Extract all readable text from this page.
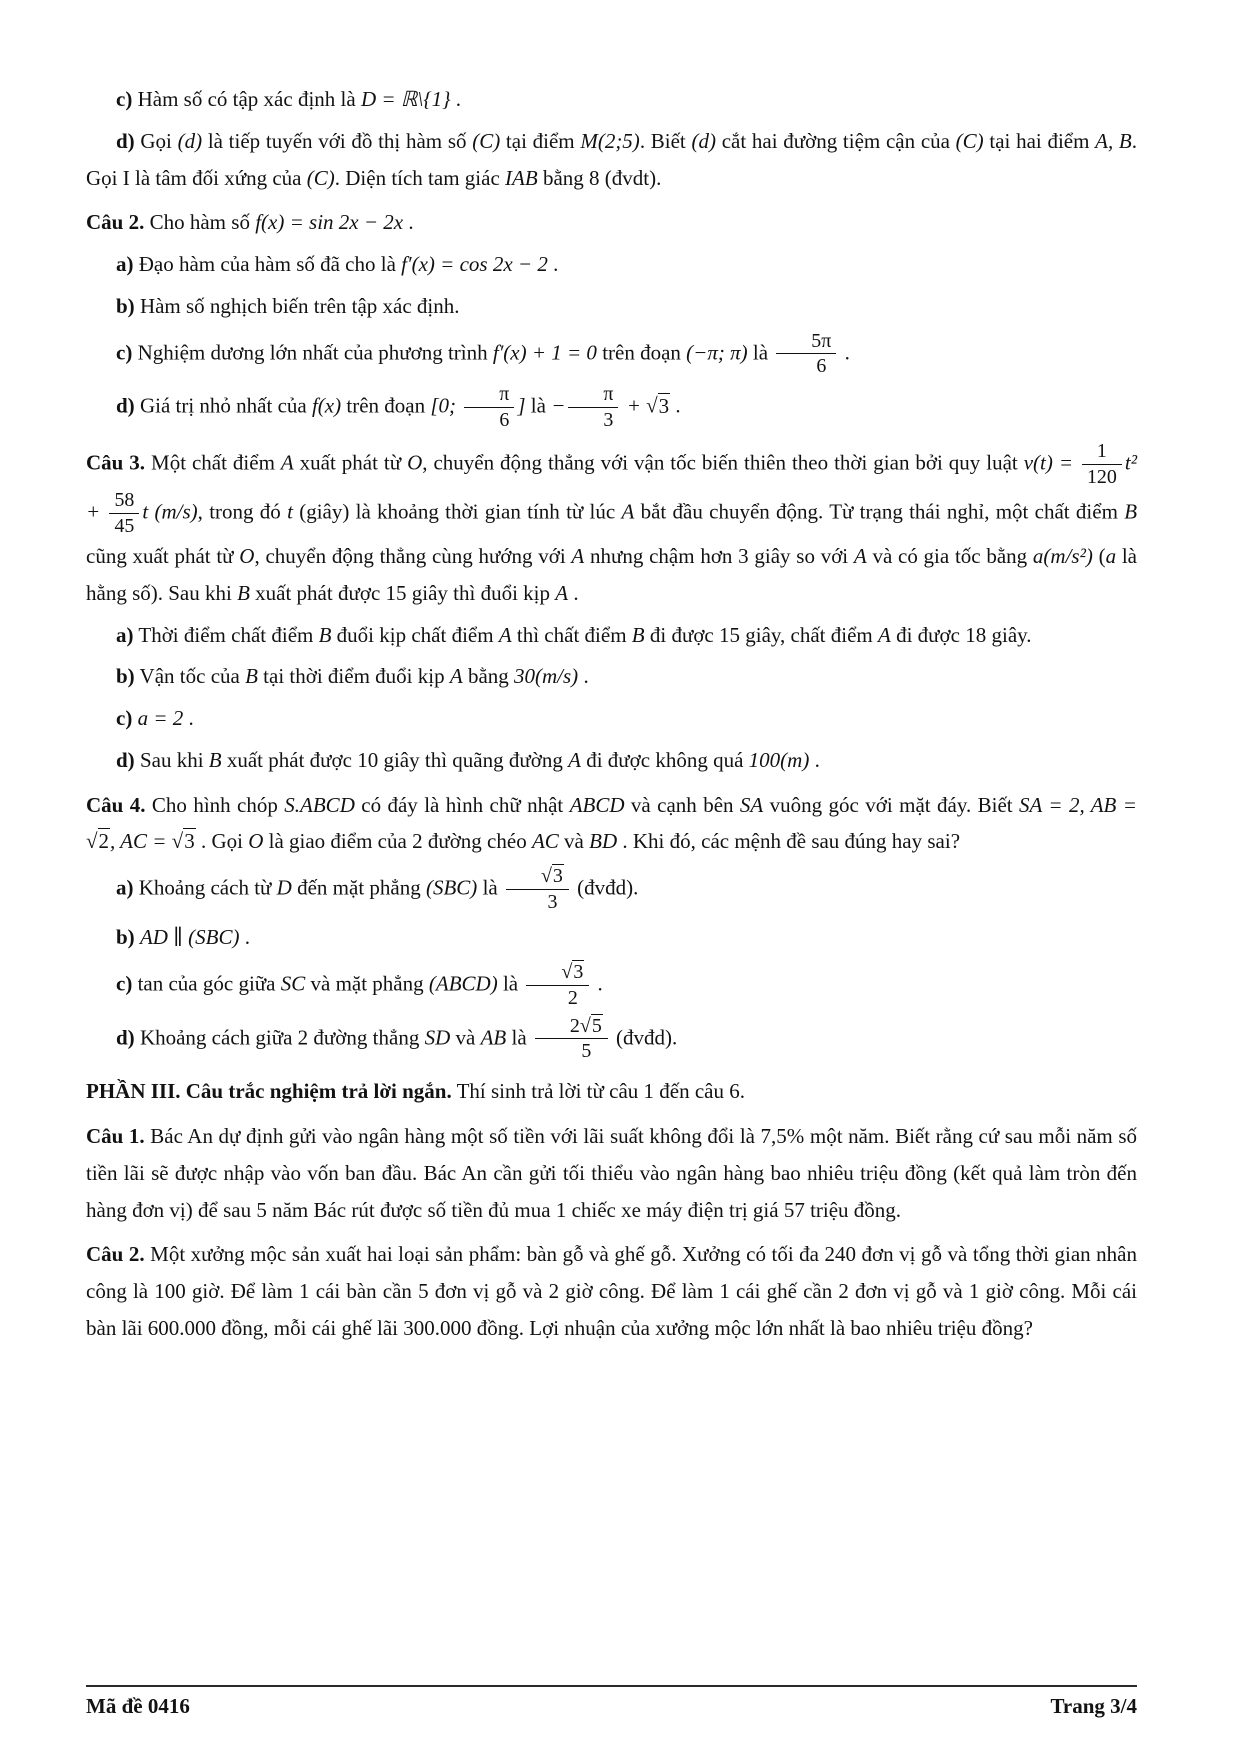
c) Hàm số có tập xác định là D = ℝ\{1} .

d) Gọi (d) là tiếp tuyến với đồ thị hàm số (C) tại điểm M(2;5). Biết (d) cắt hai đường tiệm cận của (C) tại hai điểm A, B. Gọi I là tâm đối xứng của (C). Diện tích tam giác IAB bằng 8 (đvdt).

Câu 2. Cho hàm số f(x) = sin 2x − 2x .

a) Đạo hàm của hàm số đã cho là f′(x) = cos 2x − 2 .

b) Hàm số nghịch biến trên tập xác định.

c) Nghiệm dương lớn nhất của phương trình f′(x) + 1 = 0 trên đoạn (−π; π) là $\frac{5\pi}{6}$ .

d) Giá trị nhỏ nhất của f(x) trên đoạn [0; $\frac{\pi}{6}$ ] là − $\frac{\pi}{3} + √3$ .

Câu 3. Một chất điểm A xuất phát từ O, chuyển động thẳng với vận tốc biến thiên theo thời gian bởi quy luật $v(t) = \frac{1}{120} t^2 + \frac{58}{45}$ t (m/s), trong đó t (giây) là khoảng thời gian tính từ lúc A bắt đầu chuyển động. Từ trạng thái nghỉ, một chất điểm B cũng xuất phát từ O, chuyển động thẳng cùng hướng với A nhưng chậm hơn 3 giây so với A và có gia tốc bằng a(m/s²) (a là hằng số). Sau khi B xuất phát được 15 giây thì đuổi kịp A .

a) Thời điểm chất điểm B đuổi kịp chất điểm A thì chất điểm B đi được 15 giây, chất điểm A đi được 18 giây.

b) Vận tốc của B tại thời điểm đuổi kịp A bằng 30(m/s) .

c) a = 2 .

d) Sau khi B xuất phát được 10 giây thì quãng đường A đi được không quá 100(m) .

Câu 4. Cho hình chóp S.ABCD có đáy là hình chữ nhật ABCD và cạnh bên SA vuông góc với mặt đáy. Biết SA = 2, AB = √2, AC = √3 . Gọi O là giao điểm của 2 đường chéo AC và BD . Khi đó, các mệnh đề sau đúng hay sai?

a) Khoảng cách từ D đến mặt phẳng (SBC) là $\frac{√3}{3}$ (đvđd).

b) AD ∥ (SBC) .

c) tan của góc giữa SC và mặt phẳng (ABCD) là $\frac{√3}{2}$ .

d) Khoảng cách giữa 2 đường thẳng SD và AB là $\frac{2√5}{5}$ (đvđd).

PHẦN III. Câu trắc nghiệm trả lời ngắn. Thí sinh trả lời từ câu 1 đến câu 6.

Câu 1. Bác An dự định gửi vào ngân hàng một số tiền với lãi suất không đổi là 7,5% một năm. Biết rằng cứ sau mỗi năm số tiền lãi sẽ được nhập vào vốn ban đầu. Bác An cần gửi tối thiểu vào ngân hàng bao nhiêu triệu đồng (kết quả làm tròn đến hàng đơn vị) để sau 5 năm Bác rút được số tiền đủ mua 1 chiếc xe máy điện trị giá 57 triệu đồng.

Câu 2. Một xưởng mộc sản xuất hai loại sản phẩm: bàn gỗ và ghế gỗ. Xưởng có tối đa 240 đơn vị gỗ và tổng thời gian nhân công là 100 giờ. Để làm 1 cái bàn cần 5 đơn vị gỗ và 2 giờ công. Để làm 1 cái ghế cần 2 đơn vị gỗ và 1 giờ công. Mỗi cái bàn lãi 600.000 đồng, mỗi cái ghế lãi 300.000 đồng. Lợi nhuận của xưởng mộc lớn nhất là bao nhiêu triệu đồng?

Mã đề 0416	Trang 3/4
